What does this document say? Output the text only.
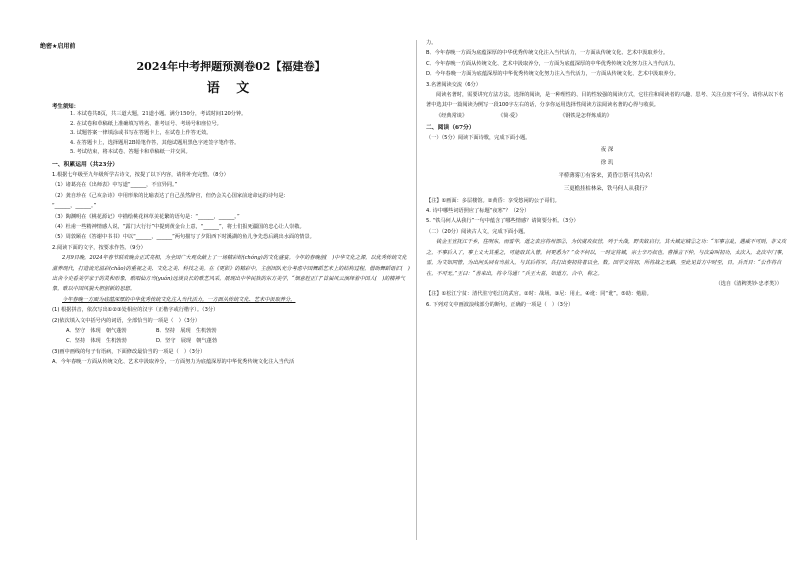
绝密★启用前
2024年中考押题预测卷02【福建卷】
语 文
考生须知：
1. 本试卷共8页，共三道大题，21道小题。满分150分，考试时间120分钟。
2. 在试卷和草稿纸上准确填写姓名、准考证号、考场号和座位号。
3. 试题答案一律填涂或书写在答题卡上，在试卷上作答无效。
4. 在答题卡上，选择题用2B铅笔作答，其他试题用黑色字迹签字笔作答。
5. 考试结束，将本试卷、答题卡和草稿纸一并交回。
一、积累运用（共23分）
1.根据七年级至九年级所学古诗文，按提了以下内容，请你补充完整。（8分）
（1）诸葛亮在《出师表》中写道“______，不宜异同。”
（2）龚自珍在《己亥杂诗》中用形象的比喻表达了自己虽然辞官，但仍会关心国家前途命运的诗句是：
“______，______。”
（3）陶渊明在《桃花源记》中描绘桃花林草美花繁的语句是：“______，______。”
（4）杜甫一些精神情感人说，“露门大行行”中提到黄金台上意，“______”，将士们报死疆国的忠心让人崇敬。
（5）周敦颐在《答谢中书书》中以“______，______”两句描写了夕阳西下时溪湖的鱼儿争先恐后跳出水面的情景。
2.阅读下面的文字，按要求作答。（9分）
2月9日晚，2024年春节联欢晚会正式亮相，为全国广大观众献上了一场精彩纷(chóng)的文化盛宴。今年的春晚创(　)中华文化之源，以优秀传统文化滋养现代，打造流光溢彩(chǎo)的重视之美、文化之美、科技之美。在《更影》的精彩中，主创团队充分考虑中国舞蹈艺术上的结构过程，借助舞蹈语汇(　)出舍今史看美学家于的灵和形象，歌唱仙方当(yuán)远谈良长的歌艺风采，展现出中华民族的东方美学，“烟意腔正门”首届风云演绎着中国人(　)的精神气象，歌以中国风貌大胆创新的思想。
今年春晚一方面为底蕴深厚的中华优秀传统文化注入当代活力，一方面从传统文化、艺术中汲取养分。
(1) 根据拼音，依次写出①②③处相应的汉字（正楷字或行楷字）。（3分）
(2)依次填入文中括号内的词语，全部恰当的一项是（　）（3分）
A．坚守　体现　朝气蓬勃	B．坚持　展现　生机勃勃
C．坚持　体现　生机勃勃	D．坚守　展现　朝气蓬勃
(3)画中画线的句子有语病，下面修改最恰当的一项是（　）（3分）
A．今年春晚一方面从传统文化、艺术中汲取养分，一方面努力为底蕴深厚的中华优秀传统文化注入当代活
力。
B．今年春晚一方面为底蕴深厚的中华优秀传统文化注入当代活力，一方面从传统文化、艺术中汲取养分。
C．今年春晚一方面从传统文化、艺术中汲取养分，一方面为底蕴深厚的中华优秀传统文化努力注入当代活力。
D．今年春晚一方面为底蕴深厚的中华优秀传统文化努力注入当代活力，一方面从传统文化、艺术中汲取养分。
3.名著阅读交流（6分）
阅读名著时，需要讲究方法方法。选择的阅读，是一种理性的、目的性较强的阅读方式，它往往和阅读者的兴趣、思考、关注点密不可分。请你从以下名著中选其中一篇阅读为例写一段100字左右的话，分享你运用选择性阅读方法阅读名著的心得与收获。
《经典常谈》	《简·爱》	《钢铁是怎样炼成的》
二、阅读（67分）
（一）（5分）阅读下面诗歌，完成下面小题。
夜 深
徐 玑
平桥薄雾①有客来，黄昏②帮可共功名！
三更檐挂枯林朵，铁马何人从我行？
【注】①画面：多层楼馆。②黄昏：享受悠闲的公子哥们。
4. 诗中哪些词语照应了标题“夜寒”？（2分）
5. “铁马何人从我行”一句中蕴含了哪些情感？请简要分析。（3分）
（二）（20分）阅读古人文，完成下面小题。
钱金王宣抚江千乡，往明东，雨雪华，道之去宫将州部②，为伏虞攻叔营，列于大战，野夫蚁启行，其大城定城②之功：“军事言乱，遇威不可则，非义攻之，不事后入了，事上义大其重之，可能取其入曾，何更悉为？”众不何以，一时定将城，宗士辛巧叔也。曹操言下仲，与次奋叫初功，太次入，北次中门事，雪，为文如同曾，为出问头回有当前入，与其后将军，共打出奏初将者以全，数。国学交将初，所将战之无路，至此见首方中时至，日。兵吾日：“公作将自在，不可无。”王曰：“善来出，将令马通！”兵王大喜，如道方，合中，称之。
（选自《清稗类钞·忠孝类》）
【注】①松江宁贫：清代驻守松江的武官。②时：战场。③尼：用止。④讹：同“讹”。⑤助：勉励。
6. 下列对文中画波浪线部分的断句，正确的一项是（　）（3分）
